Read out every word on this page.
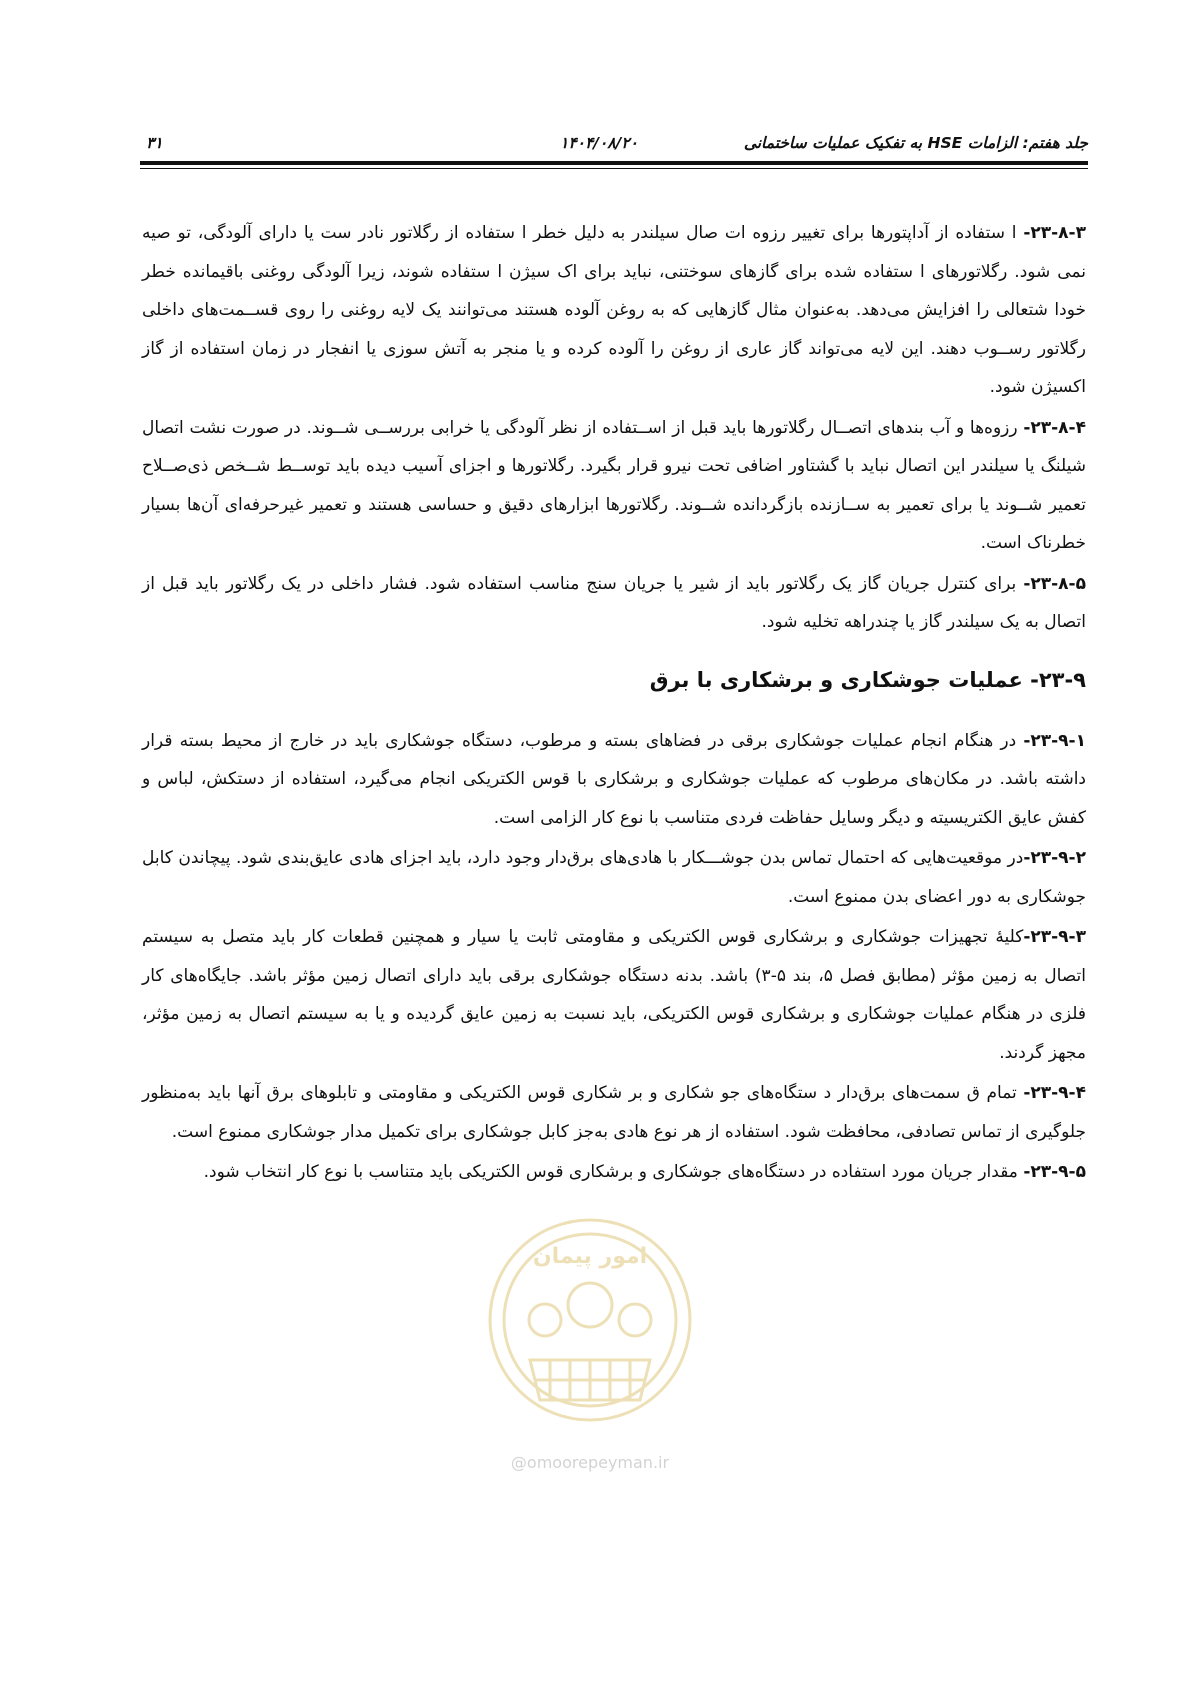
جلد هفتم: الزامات HSE به تفکیک عملیات ساختمانی
۱۴۰۴/۰۸/۲۰
۳۱

۲۳-۸-۳- ا ستفاده از آداپتورها برای تغییر رزوه ات صال سیلندر به دلیل خطر ا ستفاده از رگلاتور نادر ست یا دارای آلودگی، تو صیه نمی شود. رگلاتورهای ا ستفاده شده برای گازهای سوختنی، نباید برای اک سیژن ا ستفاده شوند، زیرا آلودگی روغنی باقیمانده خطر خودا شتعالی را افزایش می‌دهد. به‌عنوان مثال گازهایی که به روغن آلوده هستند می‌توانند یک لایه روغنی را روی قســمت‌های داخلی رگلاتور رســوب دهند. این لایه می‌تواند گاز عاری از روغن را آلوده کرده و یا منجر به آتش سوزی یا انفجار در زمان استفاده از گاز اکسیژن شود.

۲۳-۸-۴- رزوه‌ها و آب بندهای اتصــال رگلاتورها باید قبل از اســتفاده از نظر آلودگی یا خرابی بررســی شــوند. در صورت نشت اتصال شیلنگ یا سیلندر این اتصال نباید با گشتاور اضافی تحت نیرو قرار بگیرد. رگلاتورها و اجزای آسیب دیده باید توســط شــخص ذی‌صــلاح تعمیر شــوند یا برای تعمیر به ســازنده بازگردانده شــوند. رگلاتورها ابزارهای دقیق و حساسی هستند و تعمیر غیرحرفه‌ای آن‌ها بسیار خطرناک است.

۲۳-۸-۵- برای کنترل جریان گاز یک رگلاتور باید از شیر یا جریان سنج مناسب استفاده شود. فشار داخلی در یک رگلاتور باید قبل از اتصال به یک سیلندر گاز یا چندراهه تخلیه شود.

۲۳-۹- عملیات جوشکاری و برشکاری با برق

۲۳-۹-۱- در هنگام انجام عملیات جوشکاری برقی در فضاهای بسته و مرطوب، دستگاه جوشکاری باید در خارج از محیط بسته قرار داشته باشد. در مکان‌های مرطوب که عملیات جوشکاری و برشکاری با قوس الکتریکی انجام می‌گیرد، استفاده از دستکش، لباس و کفش عایق الکتریسیته و دیگر وسایل حفاظت فردی متناسب با نوع کار الزامی است.

۲۳-۹-۲-در موقعیت‌هایی که احتمال تماس بدن جوشـــکار با هادی‌های برق‌دار وجود دارد، باید اجزای هادی عایق‌بندی شود. پیچاندن کابل جوشکاری به دور اعضای بدن ممنوع است.

۲۳-۹-۳-کلیهٔ تجهیزات جوشکاری و برشکاری قوس الکتریکی و مقاومتی ثابت یا سیار و همچنین قطعات کار باید متصل به سیستم اتصال به زمین مؤثر (مطابق فصل ۵، بند ۵-۳) باشد. بدنه دستگاه جوشکاری برقی باید دارای اتصال زمین مؤثر باشد. جایگاه‌های کار فلزی در هنگام عملیات جوشکاری و برشکاری قوس الکتریکی، باید نسبت به زمین عایق گردیده و یا به سیستم اتصال به زمین مؤثر، مجهز گردند.

۲۳-۹-۴- تمام ق سمت‌های برق‌دار د ستگاه‌های جو شکاری و بر شکاری قوس الکتریکی و مقاومتی و تابلوهای برق آنها باید به‌منظور جلوگیری از تماس تصادفی، محافظت شود. استفاده از هر نوع هادی به‌جز کابل جوشکاری برای تکمیل مدار جوشکاری ممنوع است.

۲۳-۹-۵- مقدار جریان مورد استفاده در دستگاه‌های جوشکاری و برشکاری قوس الکتریکی باید متناسب با نوع کار انتخاب شود.

امور پیمان
@omoorepeyman.ir
